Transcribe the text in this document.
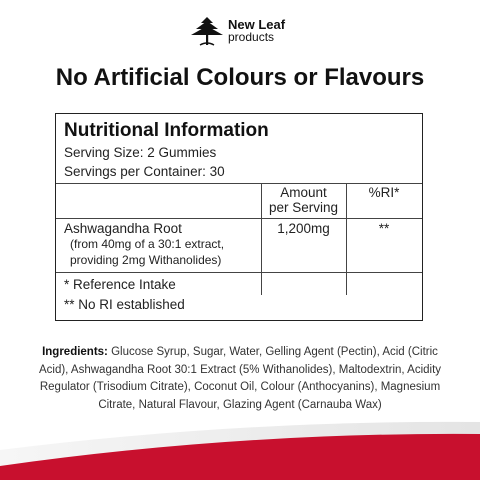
New Leaf
products
No Artificial Colours or Flavours
Nutritional Information
Serving Size: 2 Gummies
Servings per Container: 30
Amount
per Serving
%RI*
Ashwagandha Root
(from 40mg of a 30:1 extract,
providing 2mg Withanolides)
1,200mg	**
* Reference Intake
** No RI established
Ingredients: Glucose Syrup, Sugar, Water, Gelling Agent (Pectin), Acid (Citric Acid), Ashwagandha Root 30:1 Extract (5% Withanolides), Maltodextrin, Acidity Regulator (Trisodium Citrate), Coconut Oil, Colour (Anthocyanins), Magnesium Citrate, Natural Flavour, Glazing Agent (Carnauba Wax)
